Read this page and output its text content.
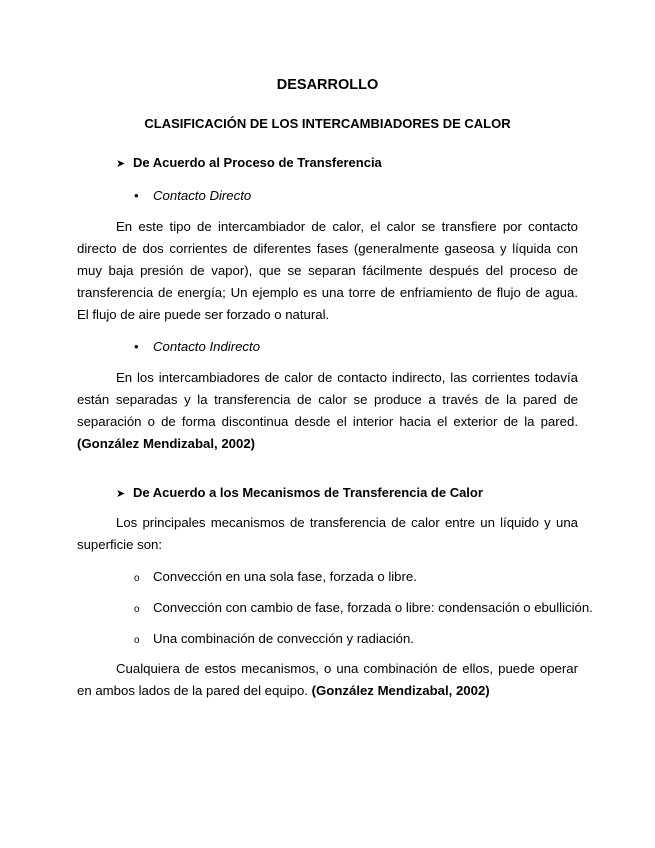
DESARROLLO
CLASIFICACIÓN DE LOS INTERCAMBIADORES DE CALOR
➤ De Acuerdo al Proceso de Transferencia
• Contacto Directo

En este tipo de intercambiador de calor, el calor se transfiere por contacto directo de dos corrientes de diferentes fases (generalmente gaseosa y líquida con muy baja presión de vapor), que se separan fácilmente después del proceso de transferencia de energía; Un ejemplo es una torre de enfriamiento de flujo de agua. El flujo de aire puede ser forzado o natural.

• Contacto Indirecto

En los intercambiadores de calor de contacto indirecto, las corrientes todavía están separadas y la transferencia de calor se produce a través de la pared de separación o de forma discontinua desde el interior hacia el exterior de la pared. (González Mendizabal, 2002)

➤ De Acuerdo a los Mecanismos de Transferencia de Calor

Los principales mecanismos de transferencia de calor entre un líquido y una superficie son:

o Convección en una sola fase, forzada o libre.
o Convección con cambio de fase, forzada o libre: condensación o ebullición.
o Una combinación de convección y radiación.

Cualquiera de estos mecanismos, o una combinación de ellos, puede operar en ambos lados de la pared del equipo. (González Mendizabal, 2002)
